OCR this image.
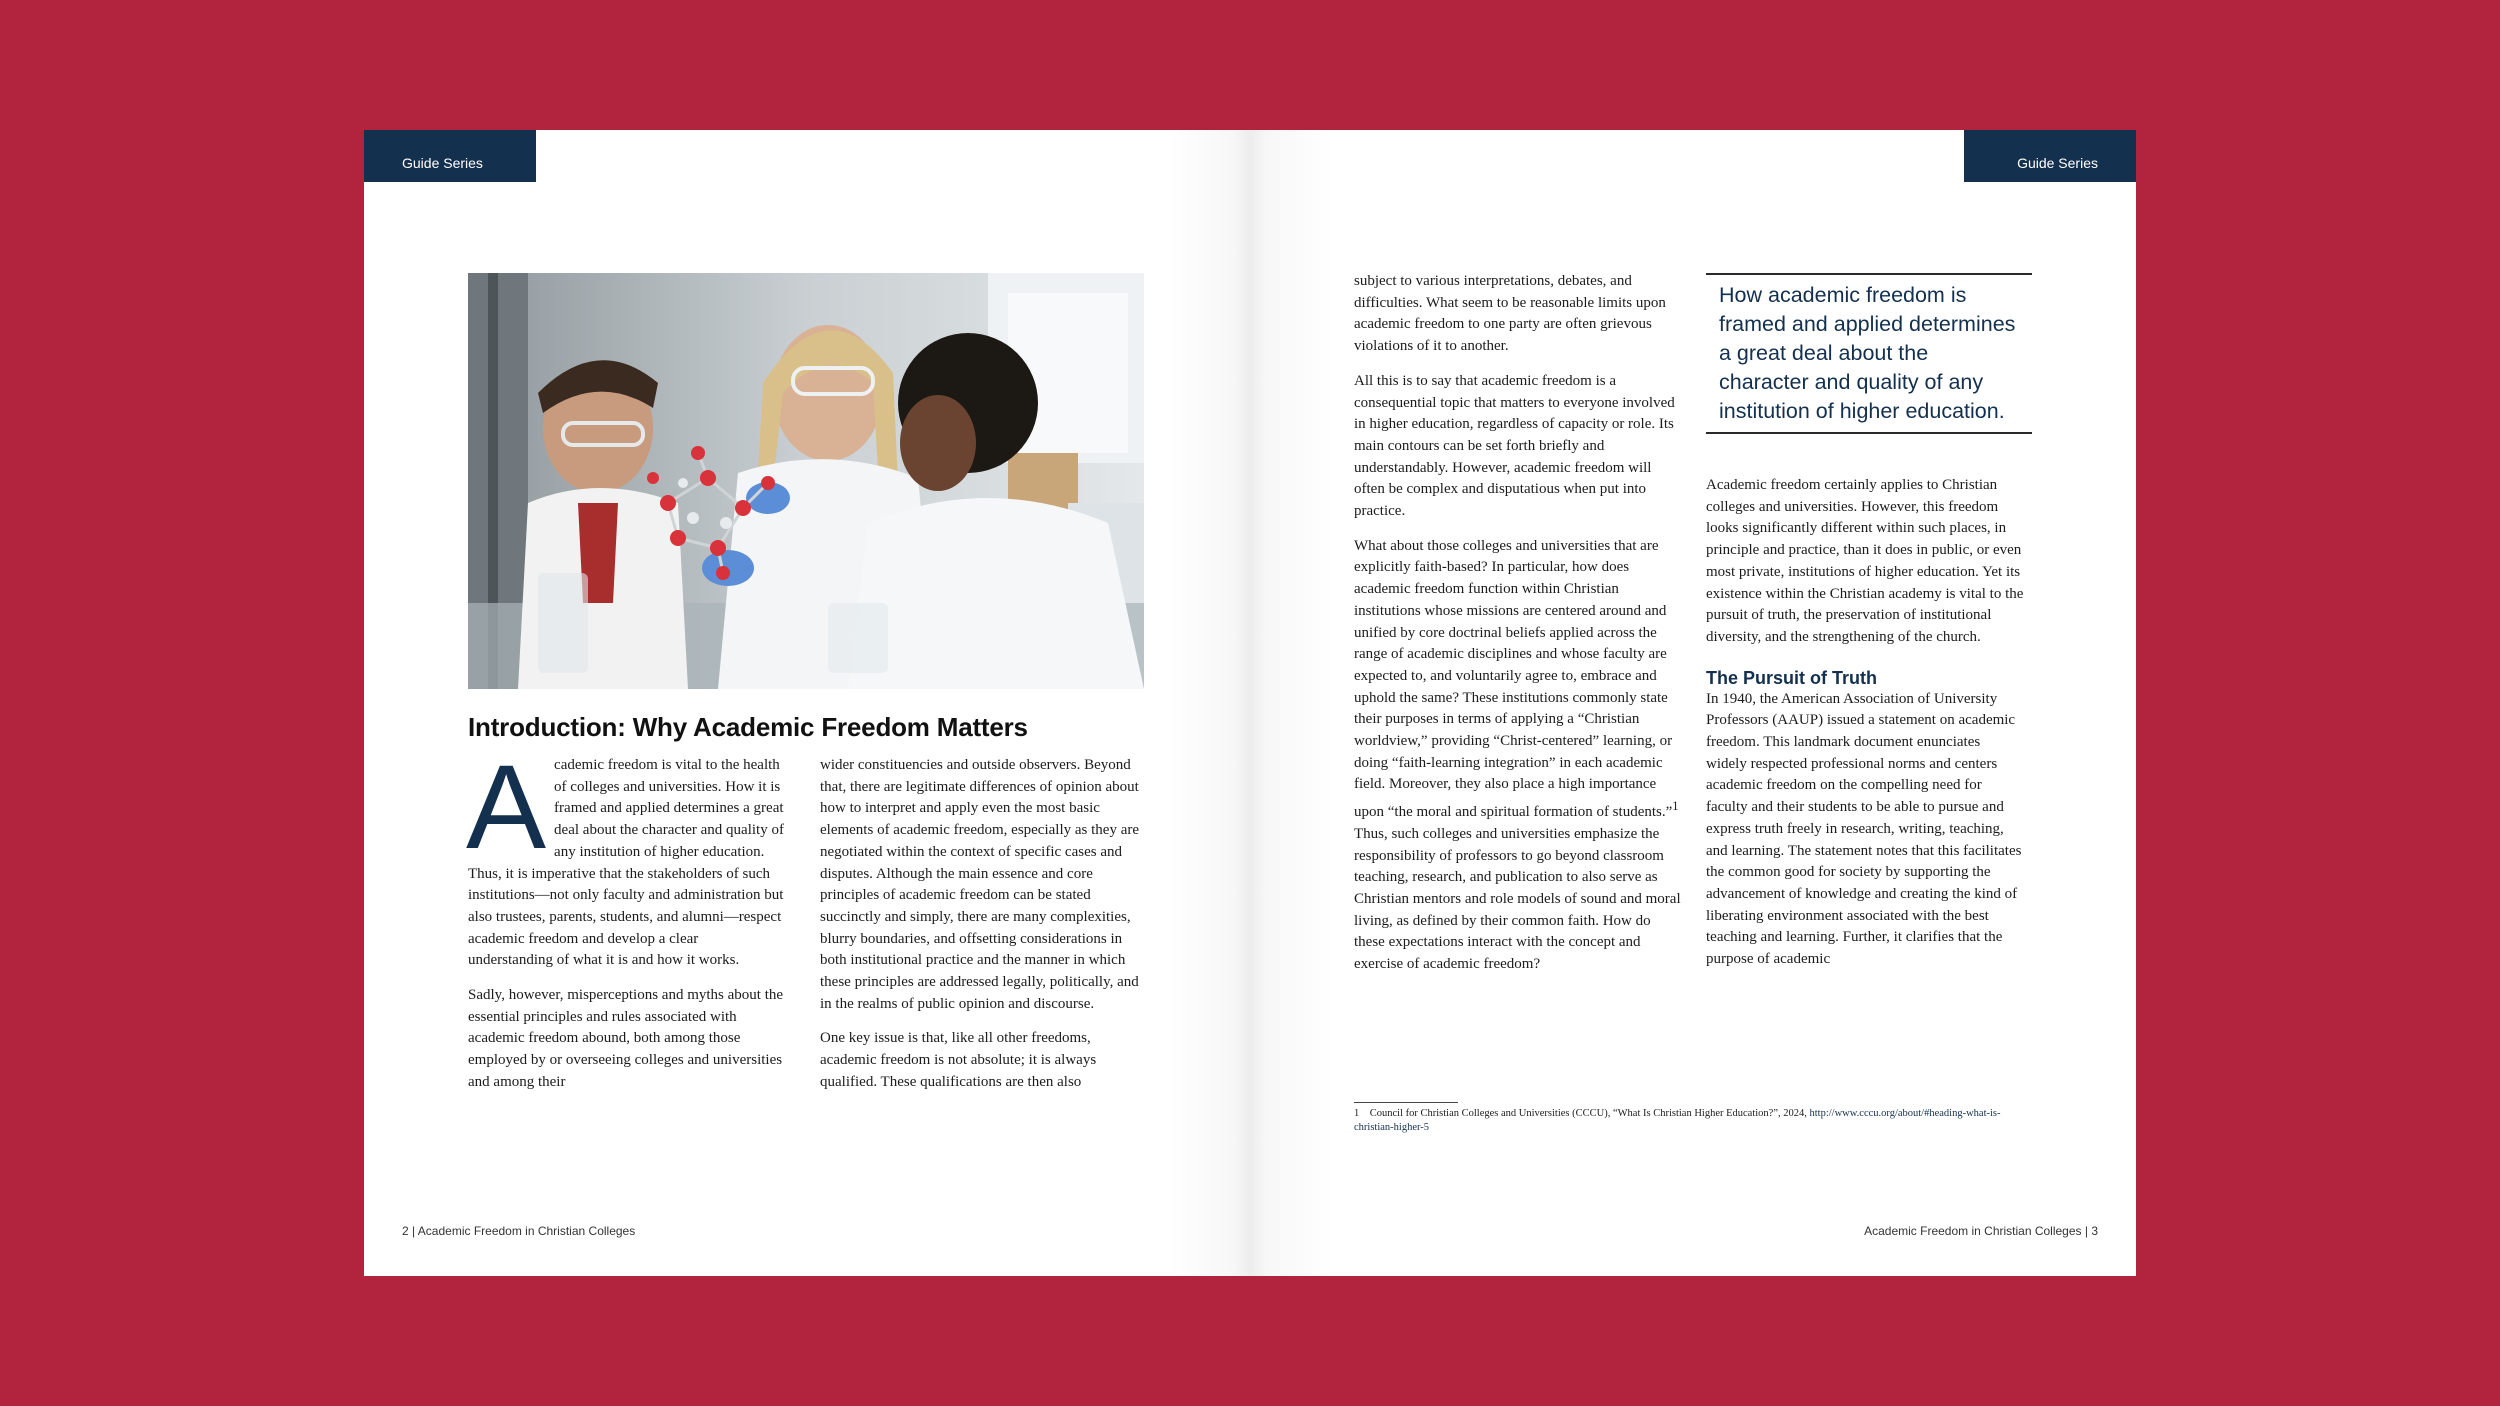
Guide Series	Guide Series
Introduction: Why Academic Freedom Matters

Academic freedom is vital to the health of colleges and universities. How it is framed and applied determines a great deal about the character and quality of any institution of higher education. Thus, it is imperative that the stakeholders of such institutions—not only faculty and administration but also trustees, parents, students, and alumni—respect academic freedom and develop a clear understanding of what it is and how it works.

Sadly, however, misperceptions and myths about the essential principles and rules associated with academic freedom abound, both among those employed by or overseeing colleges and universities and among their

wider constituencies and outside observers. Beyond that, there are legitimate differences of opinion about how to interpret and apply even the most basic elements of academic freedom, especially as they are negotiated within the context of specific cases and disputes. Although the main essence and core principles of academic freedom can be stated succinctly and simply, there are many complexities, blurry boundaries, and offsetting considerations in both institutional practice and the manner in which these principles are addressed legally, politically, and in the realms of public opinion and discourse.

One key issue is that, like all other freedoms, academic freedom is not absolute; it is always qualified. These qualifications are then also

subject to various interpretations, debates, and difficulties. What seem to be reasonable limits upon academic freedom to one party are often grievous violations of it to another.

All this is to say that academic freedom is a consequential topic that matters to everyone involved in higher education, regardless of capacity or role. Its main contours can be set forth briefly and understandably. However, academic freedom will often be complex and disputatious when put into practice.

What about those colleges and universities that are explicitly faith-based? In particular, how does academic freedom function within Christian institutions whose missions are centered around and unified by core doctrinal beliefs applied across the range of academic disciplines and whose faculty are expected to, and voluntarily agree to, embrace and uphold the same? These institutions commonly state their purposes in terms of applying a “Christian worldview,” providing “Christ-centered” learning, or doing “faith-learning integration” in each academic field. Moreover, they also place a high importance upon “the moral and spiritual formation of students.”$^1$ Thus, such colleges and universities emphasize the responsibility of professors to go beyond classroom teaching, research, and publication to also serve as Christian mentors and role models of sound and moral living, as defined by their common faith. How do these expectations interact with the concept and exercise of academic freedom?

How academic freedom is framed and applied determines a great deal about the character and quality of any institution of higher education.

Academic freedom certainly applies to Christian colleges and universities. However, this freedom looks significantly different within such places, in principle and practice, than it does in public, or even most private, institutions of higher education. Yet its existence within the Christian academy is vital to the pursuit of truth, the preservation of institutional diversity, and the strengthening of the church.

The Pursuit of Truth

In 1940, the American Association of University Professors (AAUP) issued a statement on academic freedom. This landmark document enunciates widely respected professional norms and centers academic freedom on the compelling need for faculty and their students to be able to pursue and express truth freely in research, writing, teaching, and learning. The statement notes that this facilitates the common good for society by supporting the advancement of knowledge and creating the kind of liberating environment associated with the best teaching and learning. Further, it clarifies that the purpose of academic

1 Council for Christian Colleges and Universities (CCCU), “What Is Christian Higher Education?”, 2024, http://www.cccu.org/about/#heading-what-is-christian-higher-5
2 | Academic Freedom in Christian Colleges	Academic Freedom in Christian Colleges | 3
